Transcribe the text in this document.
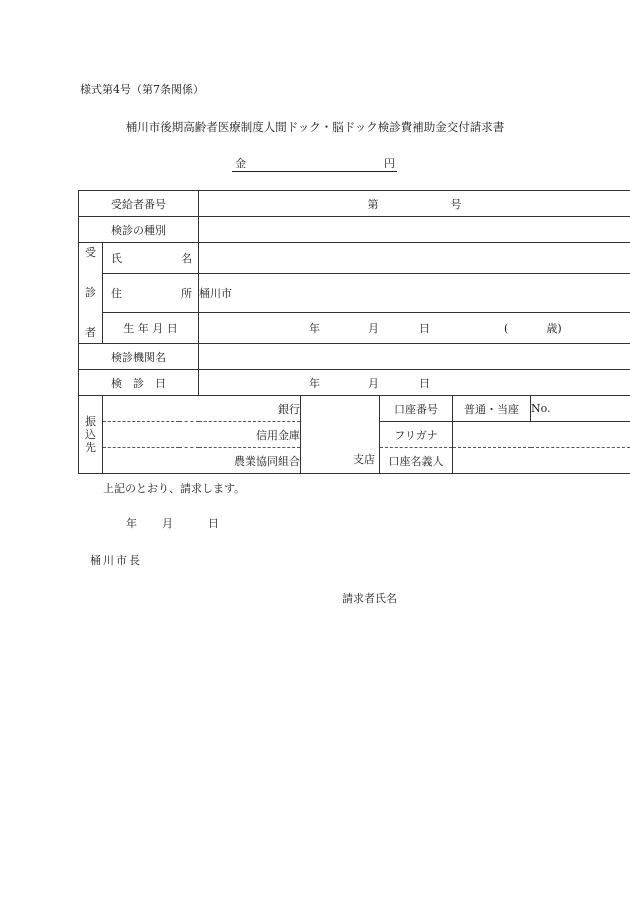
様式第4号（第7条関係）
桶川市後期高齢者医療制度人間ドック・脳ドック検診費補助金交付請求書
金	円
受給者番号		第 号				

検診の種別						
受

診

者	氏 名					

	住 所	桶川市				
	生 年 月 日	年 月 日 ( 歳)				

検診機関名						
検　診　日		年 月 日				

振
込
先	銀行		支店	口座番号	普通・当座	No.
	信用金庫			フリガナ		
	農業協同組合			口座名義人		
上記のとおり、請求します。
年 月	日
桶川市長
請求者氏名
